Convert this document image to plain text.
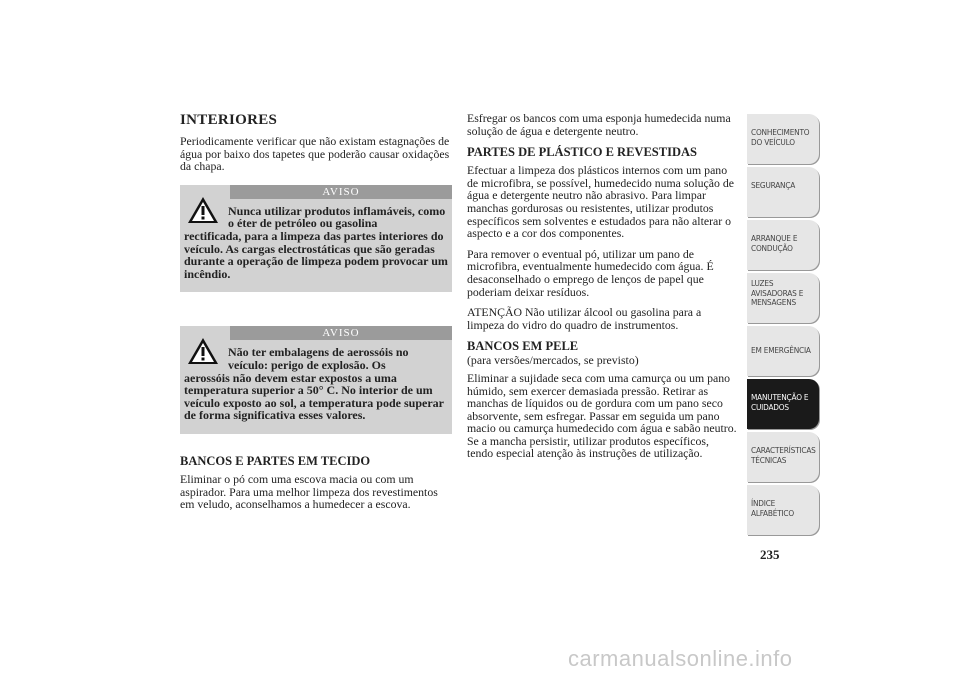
INTERIORES

Periodicamente verificar que não existam estagnações de água por baixo dos tapetes que poderão causar oxidações da chapa.

AVISO
Nunca utilizar produtos inflamáveis, como o éter de petróleo ou gasolina
rectificada, para a limpeza das partes interiores do veículo. As cargas electrostáticas que são geradas durante a operação de limpeza podem provocar um incêndio.
AVISO
Não ter embalagens de aerossóis no veículo: perigo de explosão. Os
aerossóis não devem estar expostos a uma temperatura superior a 50° C. No interior de um veículo exposto ao sol, a temperatura pode superar de forma significativa esses valores.
BANCOS E PARTES EM TECIDO

Eliminar o pó com uma escova macia ou com um aspirador. Para uma melhor limpeza dos revestimentos em veludo, aconselhamos a humedecer a escova.

Esfregar os bancos com uma esponja humedecida numa solução de água e detergente neutro.

PARTES DE PLÁSTICO E REVESTIDAS

Efectuar a limpeza dos plásticos internos com um pano de microfibra, se possível, humedecido numa solução de água e detergente neutro não abrasivo. Para limpar manchas gordurosas ou resistentes, utilizar produtos específicos sem solventes e estudados para não alterar o aspecto e a cor dos componentes.

Para remover o eventual pó, utilizar um pano de microfibra, eventualmente humedecido com água. É desaconselhado o emprego de lenços de papel que poderiam deixar resíduos.

ATENÇÃO Não utilizar álcool ou gasolina para a limpeza do vidro do quadro de instrumentos.

BANCOS EM PELE

(para versões/mercados, se previsto)

Eliminar a sujidade seca com uma camurça ou um pano húmido, sem exercer demasiada pressão. Retirar as manchas de líquidos ou de gordura com um pano seco absorvente, sem esfregar. Passar em seguida um pano macio ou camurça humedecido com água e sabão neutro. Se a mancha persistir, utilizar produtos específicos, tendo especial atenção às instruções de utilização.

CONHECIMENTO DO VEÍCULO
SEGURANÇA
ARRANQUE E CONDUÇÃO
LUZES AVISADORAS E MENSAGENS
EM EMERGÊNCIA
MANUTENÇÃO E CUIDADOS
CARACTERÍSTICAS TÉCNICAS
ÍNDICE ALFABÉTICO
235
carmanualsonline.info
